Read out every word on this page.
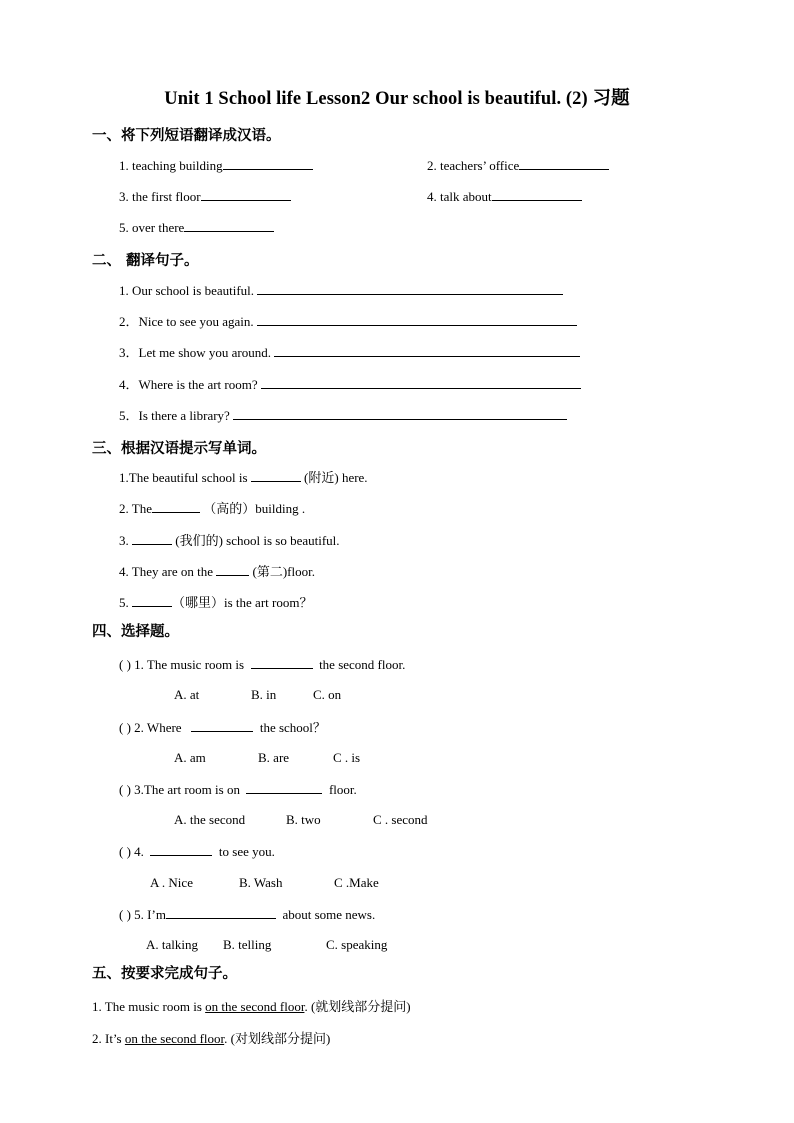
Unit 1 School life Lesson2 Our school is beautiful. (2) 习题
一、将下列短语翻译成汉语。
1. teaching building	2. teachers’ office
3. the first floor	4. talk about
5. over there
二、 翻译句子。
1. Our school is beautiful.
2．Nice to see you again.
3．Let me show you around.
4．Where is the art room?
5．Is there a library?
三、根据汉语提示写单词。
1.The beautiful school is	(附近) here.
2. The	（高的）building .
3.	(我们的) school is so beautiful.
4. They are on the	(第二)floor.
5.	（哪里）is the art room？
四、选择题。
( ) 1. The music room is	the second floor.
A. at	B. in	C. on
( ) 2. Where	the school？
A. am	B. are	C . is
( ) 3.The art room is on	floor.
A. the second	B. two	C . second
( ) 4.	to see you.
A . Nice	B. Wash	C .Make
( ) 5. I’m	about some news.
A. talking B. telling	C. speaking
五、按要求完成句子。
1. The music room is on the second floor. (就划线部分提问)
2. It’s on the second floor. (对划线部分提问)
